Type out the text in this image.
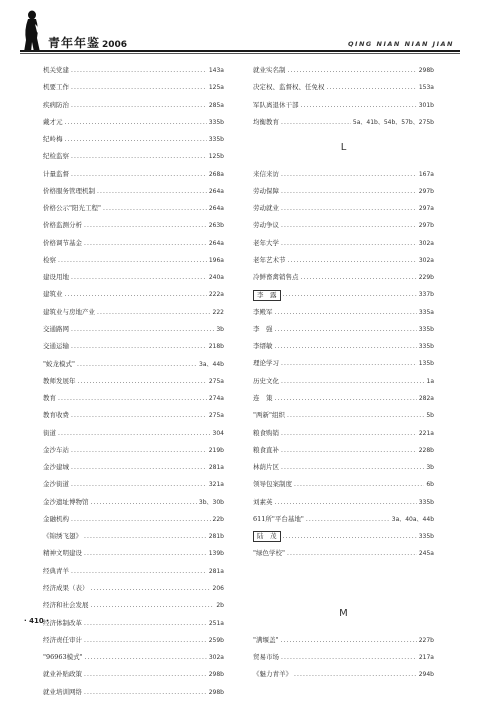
青年年鉴 2006	QING NIAN NIAN JIAN
机关党建 .....	143a
机要工作 .....	125a
疾病防治 .....	285a
戴才元 .....	335b
纪岭梅 .....	335b
纪检监察 .....	125b
计量监督 .....	268a
价格服务管理机制 .....	264a
价格公示"阳光工程" .....	264a
价格监测分析 .....	263b
价格调节基金 .....	264a
检察 .....	196a
建设用地 .....	240a
建筑业 .....	222a
建筑业与房地产业 .....	222
交通路网 .....	3b
交通运输 .....	218b
"蛟龙模式" .....	3a、44b
教师发展年 .....	275a
教育 .....	274a
教育收费 .....	275a
街道 .....	304
金沙车站 .....	219b
金沙建城 .....	281a
金沙街道 .....	321a
金沙遗址博物馆 .....	3b、30b
金融机构 .....	22b
《锦绣飞翅》 .....	281b
精神文明建设 .....	139b
经典青羊 .....	281a
经济成果（表） .....	206
经济和社会发展 .....	2b
经济体制改革 .....	251a
经济责任审计 .....	259b
"96963模式" .....	302a
就业补贴政策 .....	298b
就业培训网络 .....	298b
就业实名制 .....	298b
决定权、监督权、任免权 .....	153a
军队离退休干部 .....	301b
均衡教育 .....	5a、41b、54b、57b、275b
L
来信来访 .....	167a
劳动保障 .....	297b
劳动就业 .....	297a
劳动争议 .....	297b
老年大学 .....	302a
老年艺术节 .....	302a
冷鲜畜禽销售点 .....	229b
李　露 .....	337b
李殿军 .....	335a
李　强 .....	335b
李缙敏 .....	335b
理论学习 .....	135b
历史文化 .....	1a
连　策 .....	282a
"两新"组织 .....	5b
粮食购销 .....	221a
粮食直补 .....	228b
林荫片区 .....	3b
领导包案制度 .....	6b
刘素英 .....	335b
611所"平台基地" .....	3a、40a、44b
陆　茂 .....	335b
"绿色学校" .....	245a
M
"满堰盖" .....	227b
贸易市场 .....	217a
《魅力青羊》 .....	294b
· 410 ·
